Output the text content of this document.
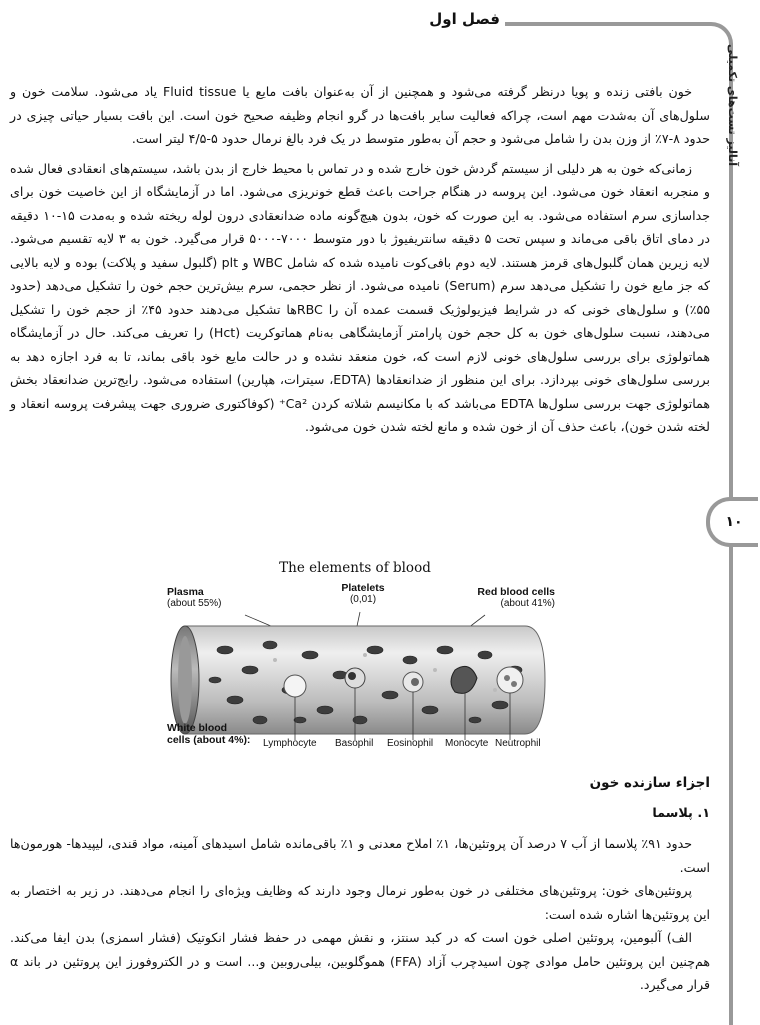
فصل اول
آنالیز تست‌های تکمیلی
۱۰

خون بافتی زنده و پویا درنظر گرفته می‌شود و همچنین از آن به‌عنوان بافت مایع یا Fluid tissue یاد می‌شود. سلامت خون و سلول‌های آن به‌شدت مهم است، چراکه فعالیت سایر بافت‌ها در گرو انجام وظیفه صحیح خون است. این بافت بسیار حیاتی چیزی در حدود ۸-۷٪ از وزن بدن را شامل می‌شود و حجم آن به‌طور متوسط در یک فرد بالغ نرمال حدود ۵-۴/۵ لیتر است.

زمانی‌که خون به هر دلیلی از سیستم گردش خون خارج شده و در تماس با محیط خارج از بدن باشد، سیستم‌های انعقادی فعال شده و منجربه انعقاد خون می‌شود. این پروسه در هنگام جراحت باعث قطع خونریزی می‌شود. اما در آزمایشگاه از این خاصیت خون برای جداسازی سرم استفاده می‌شود. به این صورت که خون، بدون هیچ‌گونه ماده ضدانعقادی درون لوله ریخته شده و به‌مدت ۱۵-۱۰ دقیقه در دمای اتاق باقی می‌ماند و سپس تحت ۵ دقیقه سانتریفیوژ با دور متوسط ۷۰۰۰-۵۰۰۰ قرار می‌گیرد. خون به ۳ لایه تقسیم می‌شود. لایه زیرین همان گلبول‌های قرمز هستند. لایه دوم بافی‌کوت نامیده شده که شامل WBC و plt (گلبول سفید و پلاکت) بوده و لایه بالایی که جز مایع خون را تشکیل می‌دهد سرم (Serum) نامیده می‌شود. از نظر حجمی، سرم بیش‌ترین حجم خون را تشکیل می‌دهد (حدود ۵۵٪) و سلول‌های خونی که در شرایط فیزیولوژیک قسمت عمده آن را RBCها تشکیل می‌دهند حدود ۴۵٪ از حجم خون را تشکیل می‌دهند، نسبت سلول‌های خون به کل حجم خون پارامتر آزمایشگاهی به‌نام هماتوکریت (Hct) را تعریف می‌کند. حال در آزمایشگاه هماتولوژی برای بررسی سلول‌های خونی لازم است که، خون منعقد نشده و در حالت مایع خود باقی بماند، تا به فرد اجازه دهد به بررسی سلول‌های خونی بپردازد. برای این منظور از ضدانعقادها (EDTA، سیترات، هپارین) استفاده می‌شود. رایج‌ترین ضدانعقاد بخش هماتولوژی جهت بررسی سلول‌ها EDTA می‌باشد که با مکانیسم شلاته کردن Ca²⁺ (کوفاکتوری ضروری جهت پیشرفت پروسه انعقاد و لخته شدن خون)، باعث حذف آن از خون شده و مانع لخته شدن خون می‌شود.

The elements of blood
Plasma
(about 55%)
Platelets
(0,01)
Red blood cells
(about 41%)
White blood
cells (about 4%): Lymphocyte Basophil Eosinophil Monocyte Neutrophil
اجزاء سازنده خون
۱. پلاسما

حدود ۹۱٪ پلاسما از آب ۷ درصد آن پروتئین‌ها، ۱٪ املاح معدنی و ۱٪ باقی‌مانده شامل اسیدهای آمینه، مواد قندی، لیپیدها- هورمون‌ها است.

پروتئین‌های خون: پروتئین‌های مختلفی در خون به‌طور نرمال وجود دارند که وظایف ویژه‌ای را انجام می‌دهند. در زیر به اختصار به این پروتئین‌ها اشاره شده است:

الف) آلبومین، پروتئین اصلی خون است که در کبد سنتز، و نقش مهمی در حفظ فشار انکوتیک (فشار اسمزی) بدن ایفا می‌کند. هم‌چنین این پروتئین حامل موادی چون اسیدچرب آزاد (FFA) هموگلوبین، بیلی‌روبین و... است و در الکتروفورز این پروتئین در باند α قرار می‌گیرد.
